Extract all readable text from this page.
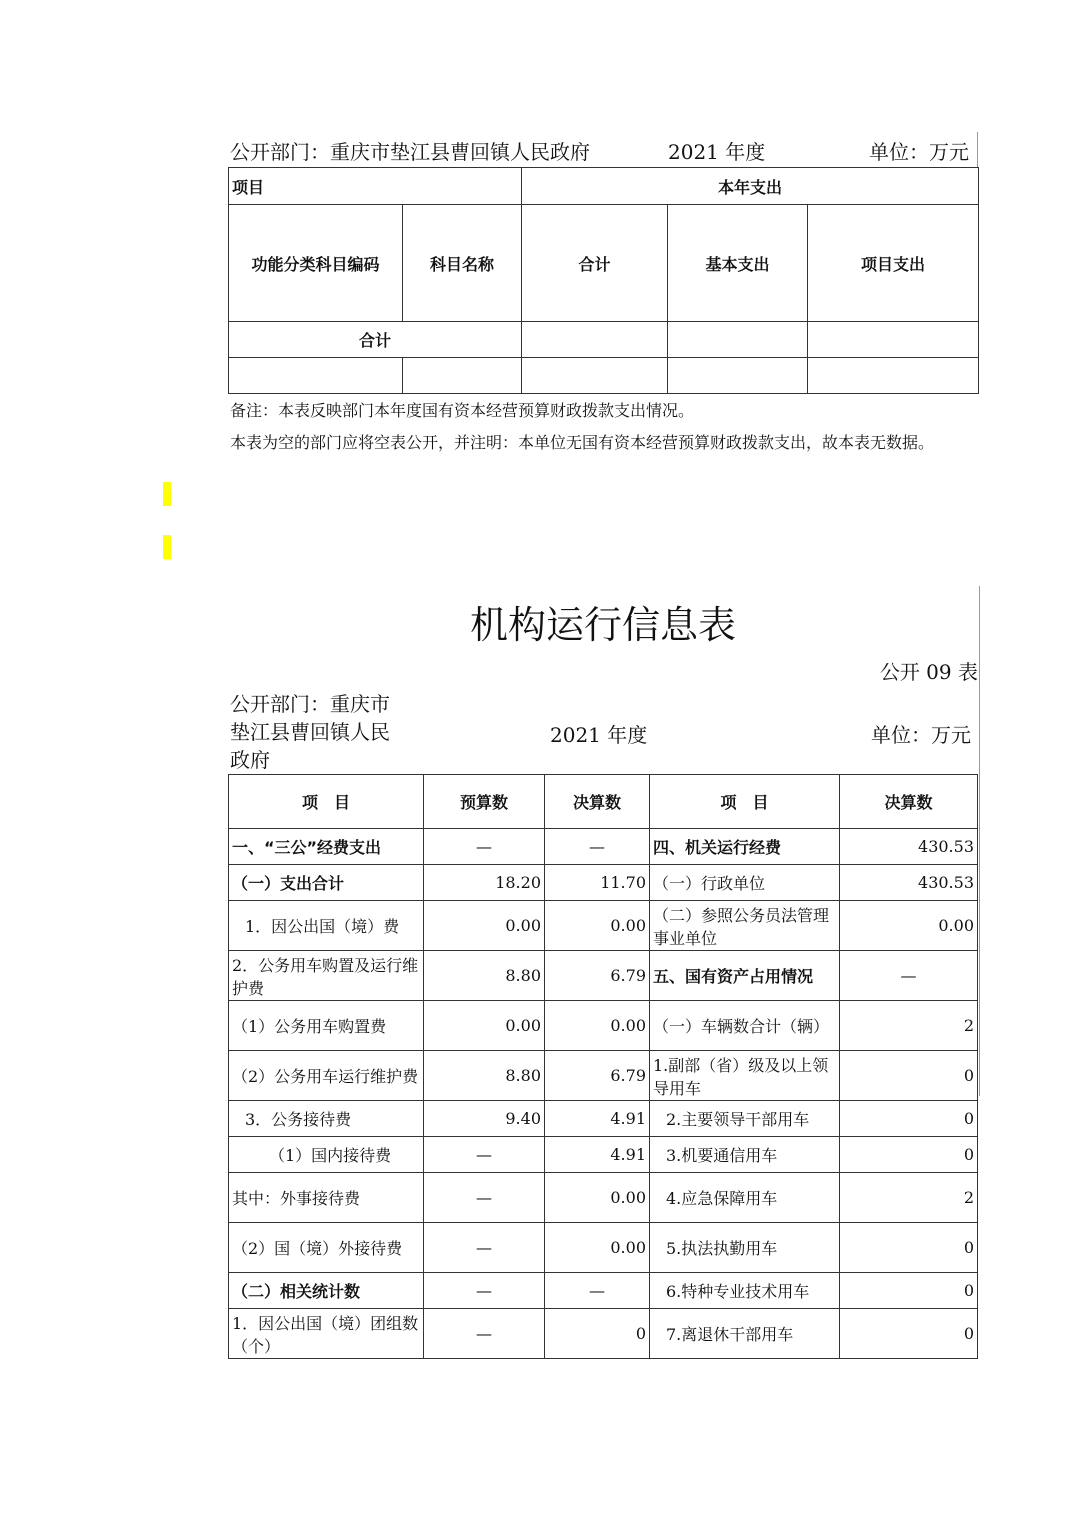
公开部门：重庆市垫江县曹回镇人民政府	2021 年度	单位：万元
项目		本年支出		
功能分类科目编码	科目名称	合计	基本支出	项目支出
合计				

备注：本表反映部门本年度国有资本经营预算财政拨款支出情况。
本表为空的部门应将空表公开，并注明：本单位无国有资本经营预算财政拨款支出，故本表无数据。
机构运行信息表
公开 09 表
公开部门：重庆市垫江县曹回镇人民政府
2021 年度	单位：万元
项　目	预算数	决算数	项　目	决算数
一、“三公”经费支出	—	—	四、机关运行经费	430.53
（一）支出合计	18.20	11.70	（一）行政单位	430.53
1．因公出国（境）费	0.00	0.00	（二）参照公务员法管理事业单位	0.00
2．公务用车购置及运行维护费	8.80	6.79	五、国有资产占用情况	—
（1）公务用车购置费	0.00	0.00	（一）车辆数合计（辆）	2
（2）公务用车运行维护费	8.80	6.79	1.副部（省）级及以上领导用车	0
3．公务接待费	9.40	4.91	2.主要领导干部用车	0
（1）国内接待费	—	4.91	3.机要通信用车	0
其中：外事接待费	—	0.00	4.应急保障用车	2
（2）国（境）外接待费	—	0.00	5.执法执勤用车	0
（二）相关统计数	—	—	6.特种专业技术用车	0
1．因公出国（境）团组数（个）	—	0	7.离退休干部用车	0
